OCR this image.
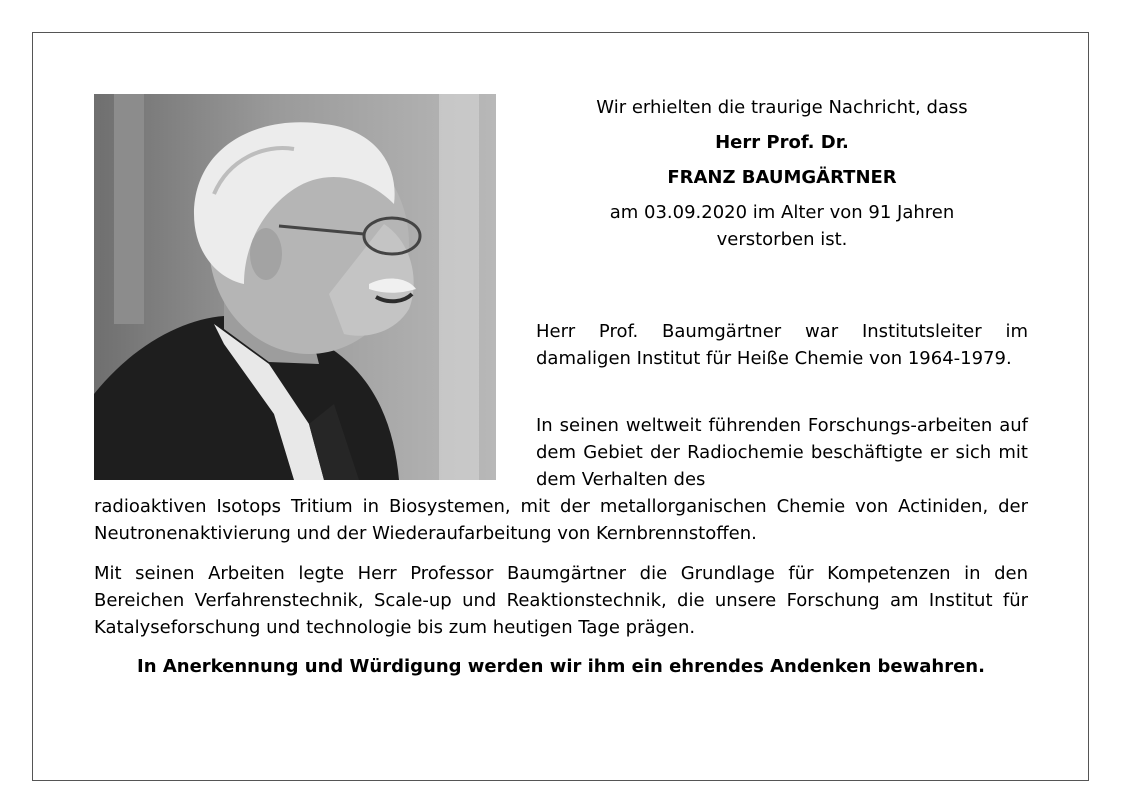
Wir erhielten die traurige Nachricht, dass

Herr Prof. Dr.

FRANZ BAUMGÄRTNER

am 03.09.2020 im Alter von 91 Jahren

verstorben ist.

Herr Prof. Baumgärtner war Institutsleiter im damaligen Institut für Heiße Chemie von 1964-1979.

In seinen weltweit führenden Forschungs-arbeiten auf dem Gebiet der Radiochemie beschäftigte er sich mit dem Verhalten des

radioaktiven Isotops Tritium in Biosystemen, mit der metallorganischen Chemie von Actiniden, der Neutronenaktivierung und der Wiederaufarbeitung von Kernbrennstoffen.

Mit seinen Arbeiten legte Herr Professor Baumgärtner die Grundlage für Kompetenzen in den Bereichen Verfahrenstechnik, Scale-up und Reaktionstechnik, die unsere Forschung am Institut für Katalyseforschung und technologie bis zum heutigen Tage prägen.

In Anerkennung und Würdigung werden wir ihm ein ehrendes Andenken bewahren.
